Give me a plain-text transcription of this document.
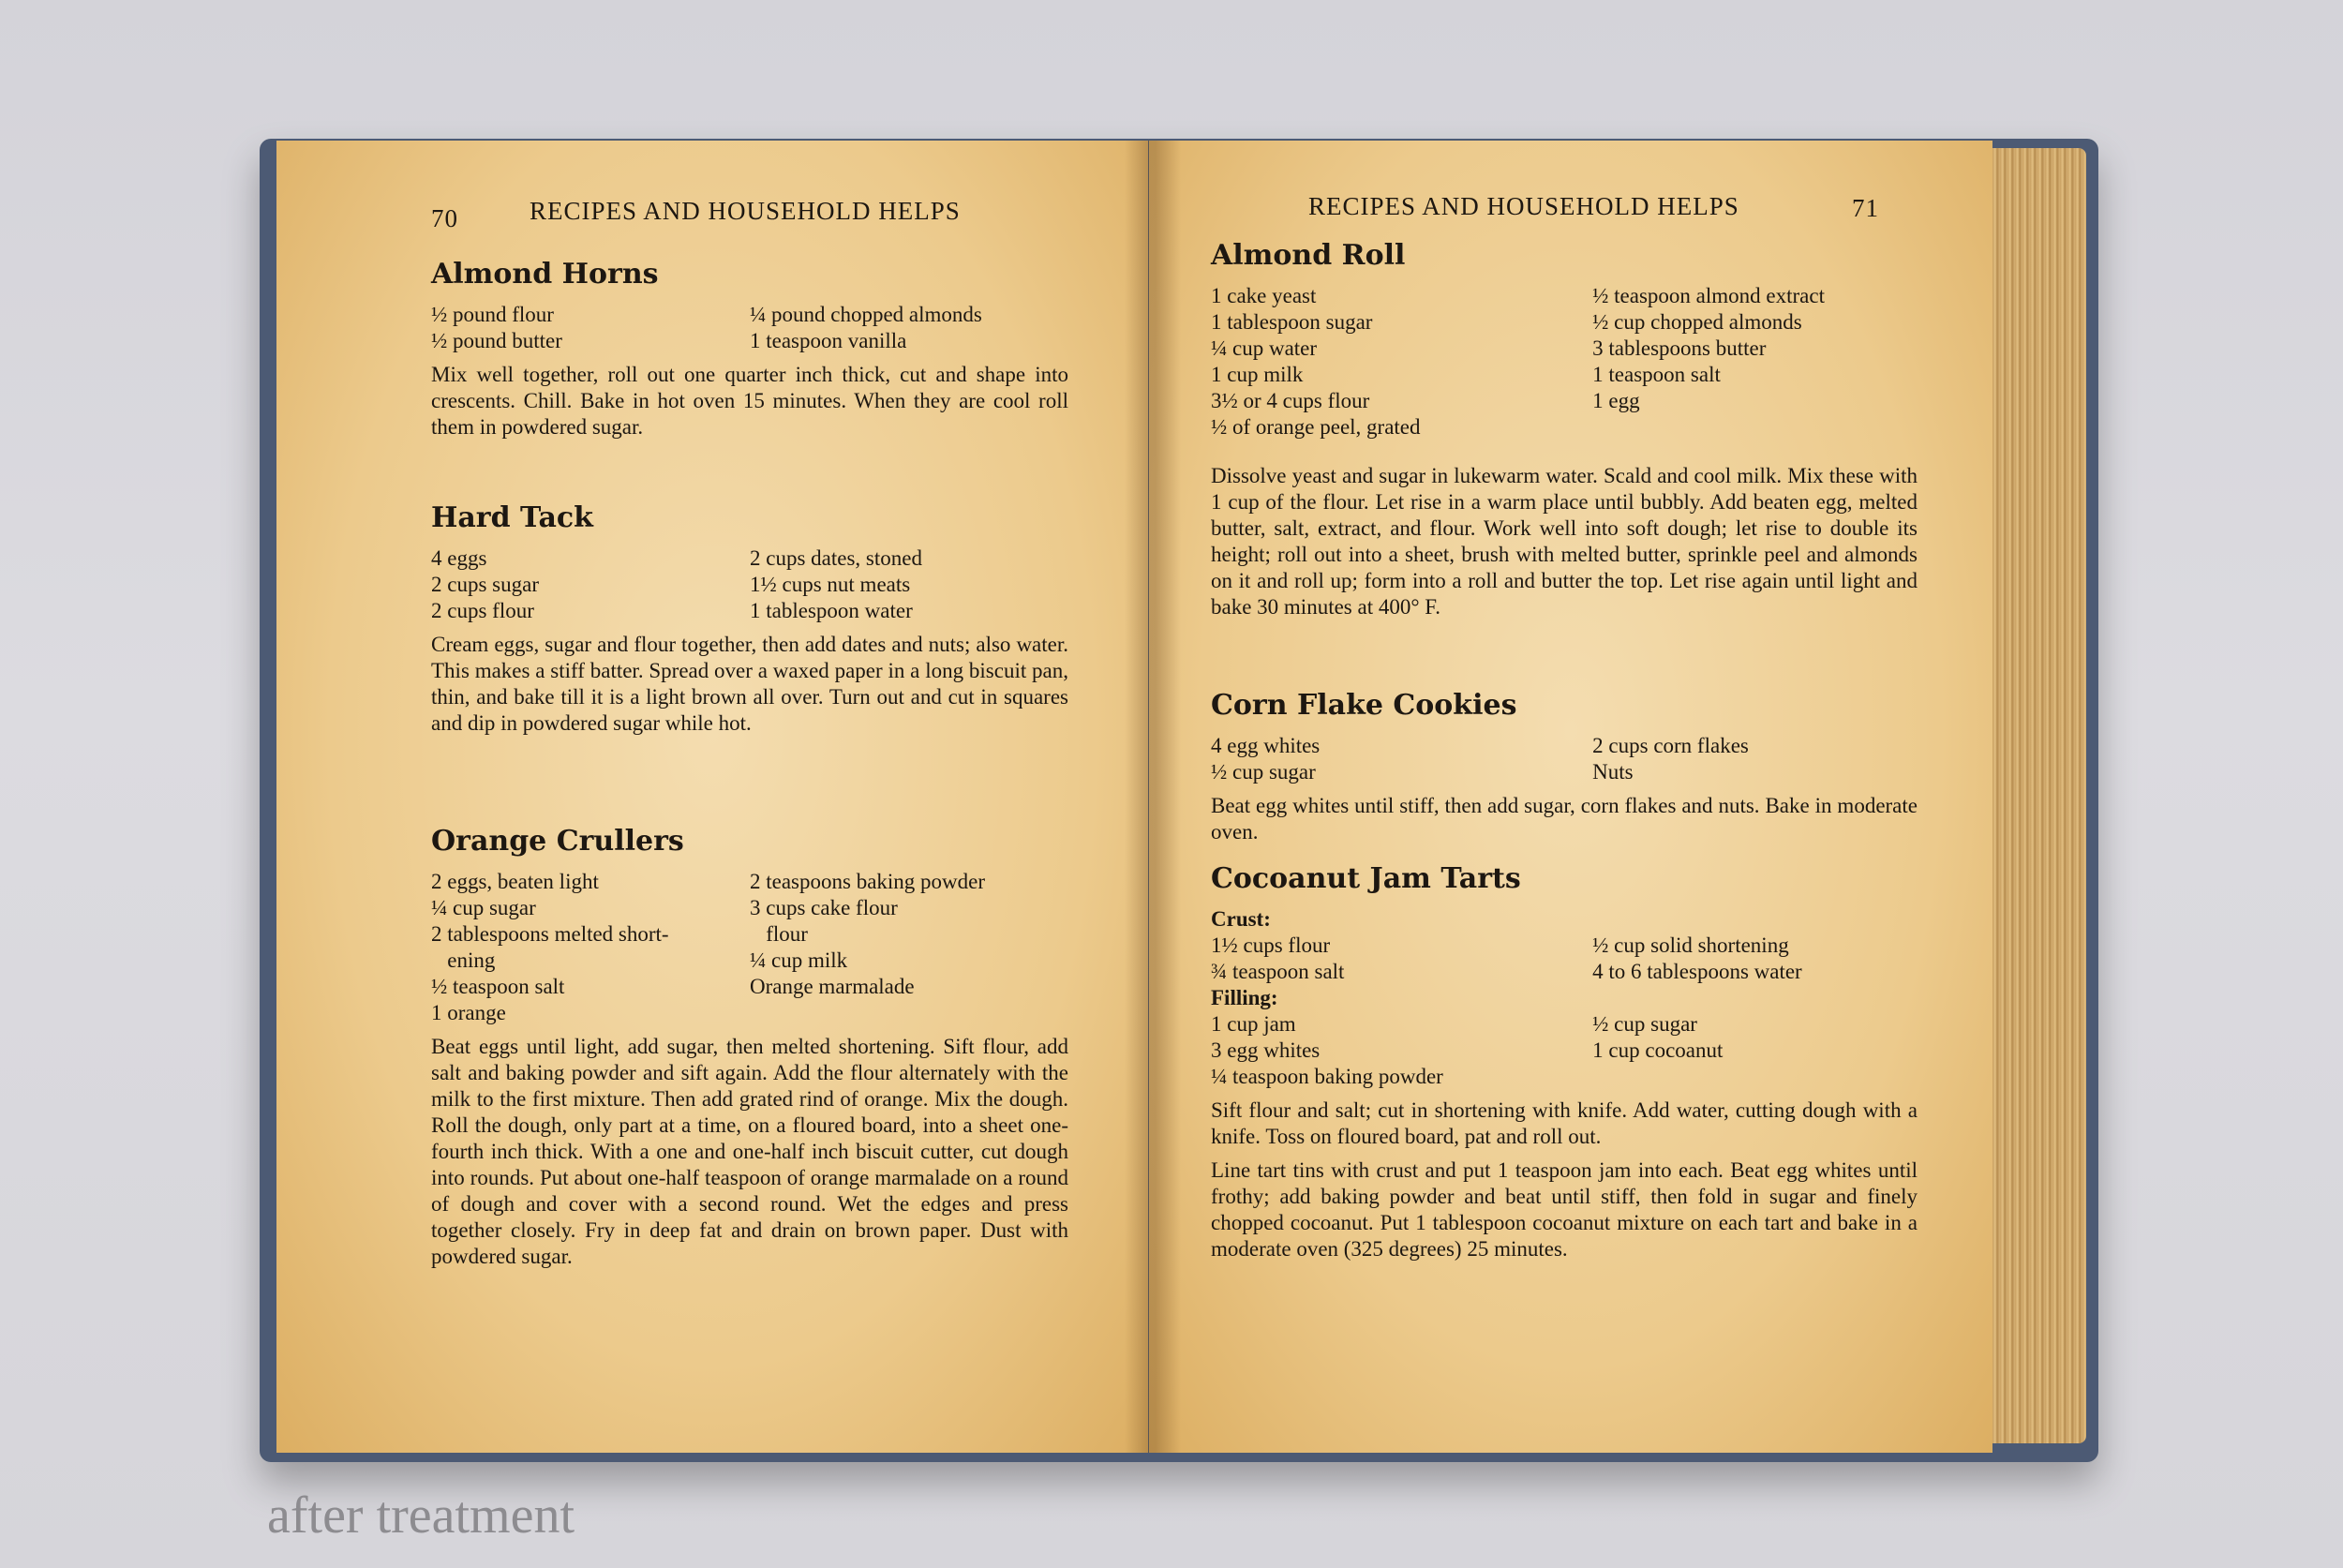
70	RECIPES AND HOUSEHOLD HELPS
Almond Horns
½ pound flour
½ pound butter
¼ pound chopped almonds
1 teaspoon vanilla

Mix well together, roll out one quarter inch thick, cut and shape into crescents. Chill. Bake in hot oven 15 minutes. When they are cool roll them in powdered sugar.

Hard Tack
4 eggs
2 cups sugar
2 cups flour
2 cups dates, stoned
1½ cups nut meats
1 tablespoon water

Cream eggs, sugar and flour together, then add dates and nuts; also water. This makes a stiff batter. Spread over a waxed paper in a long biscuit pan, thin, and bake till it is a light brown all over. Turn out and cut in squares and dip in powdered sugar while hot.

Orange Crullers
2 eggs, beaten light
¼ cup sugar
2 tablespoons melted short-
ening
½ teaspoon salt
1 orange
2 teaspoons baking powder
3 cups cake flour
flour
¼ cup milk
Orange marmalade

Beat eggs until light, add sugar, then melted shortening. Sift flour, add salt and baking powder and sift again. Add the flour alternately with the milk to the first mixture. Then add grated rind of orange. Mix the dough. Roll the dough, only part at a time, on a floured board, into a sheet one-fourth inch thick. With a one and one-half inch biscuit cutter, cut dough into rounds. Put about one-half teaspoon of orange marmalade on a round of dough and cover with a second round. Wet the edges and press together closely. Fry in deep fat and drain on brown paper. Dust with powdered sugar.

RECIPES AND HOUSEHOLD HELPS	71
Almond Roll
1 cake yeast
1 tablespoon sugar
¼ cup water
1 cup milk
3½ or 4 cups flour
½ of orange peel, grated
½ teaspoon almond extract
½ cup chopped almonds
3 tablespoons butter
1 teaspoon salt
1 egg

Dissolve yeast and sugar in lukewarm water. Scald and cool milk. Mix these with 1 cup of the flour. Let rise in a warm place until bubbly. Add beaten egg, melted butter, salt, extract, and flour. Work well into soft dough; let rise to double its height; roll out into a sheet, brush with melted butter, sprinkle peel and almonds on it and roll up; form into a roll and butter the top. Let rise again until light and bake 30 minutes at 400° F.

Corn Flake Cookies
4 egg whites
½ cup sugar
2 cups corn flakes
Nuts

Beat egg whites until stiff, then add sugar, corn flakes and nuts. Bake in moderate oven.

Cocoanut Jam Tarts
Crust:
1½ cups flour
¾ teaspoon salt
½ cup solid shortening
4 to 6 tablespoons water
Filling:
1 cup jam
3 egg whites
¼ teaspoon baking powder
½ cup sugar
1 cup cocoanut

Sift flour and salt; cut in shortening with knife. Add water, cutting dough with a knife. Toss on floured board, pat and roll out.

Line tart tins with crust and put 1 teaspoon jam into each. Beat egg whites until frothy; add baking powder and beat until stiff, then fold in sugar and finely chopped cocoanut. Put 1 tablespoon cocoanut mixture on each tart and bake in a moderate oven (325 degrees) 25 minutes.

after treatment
